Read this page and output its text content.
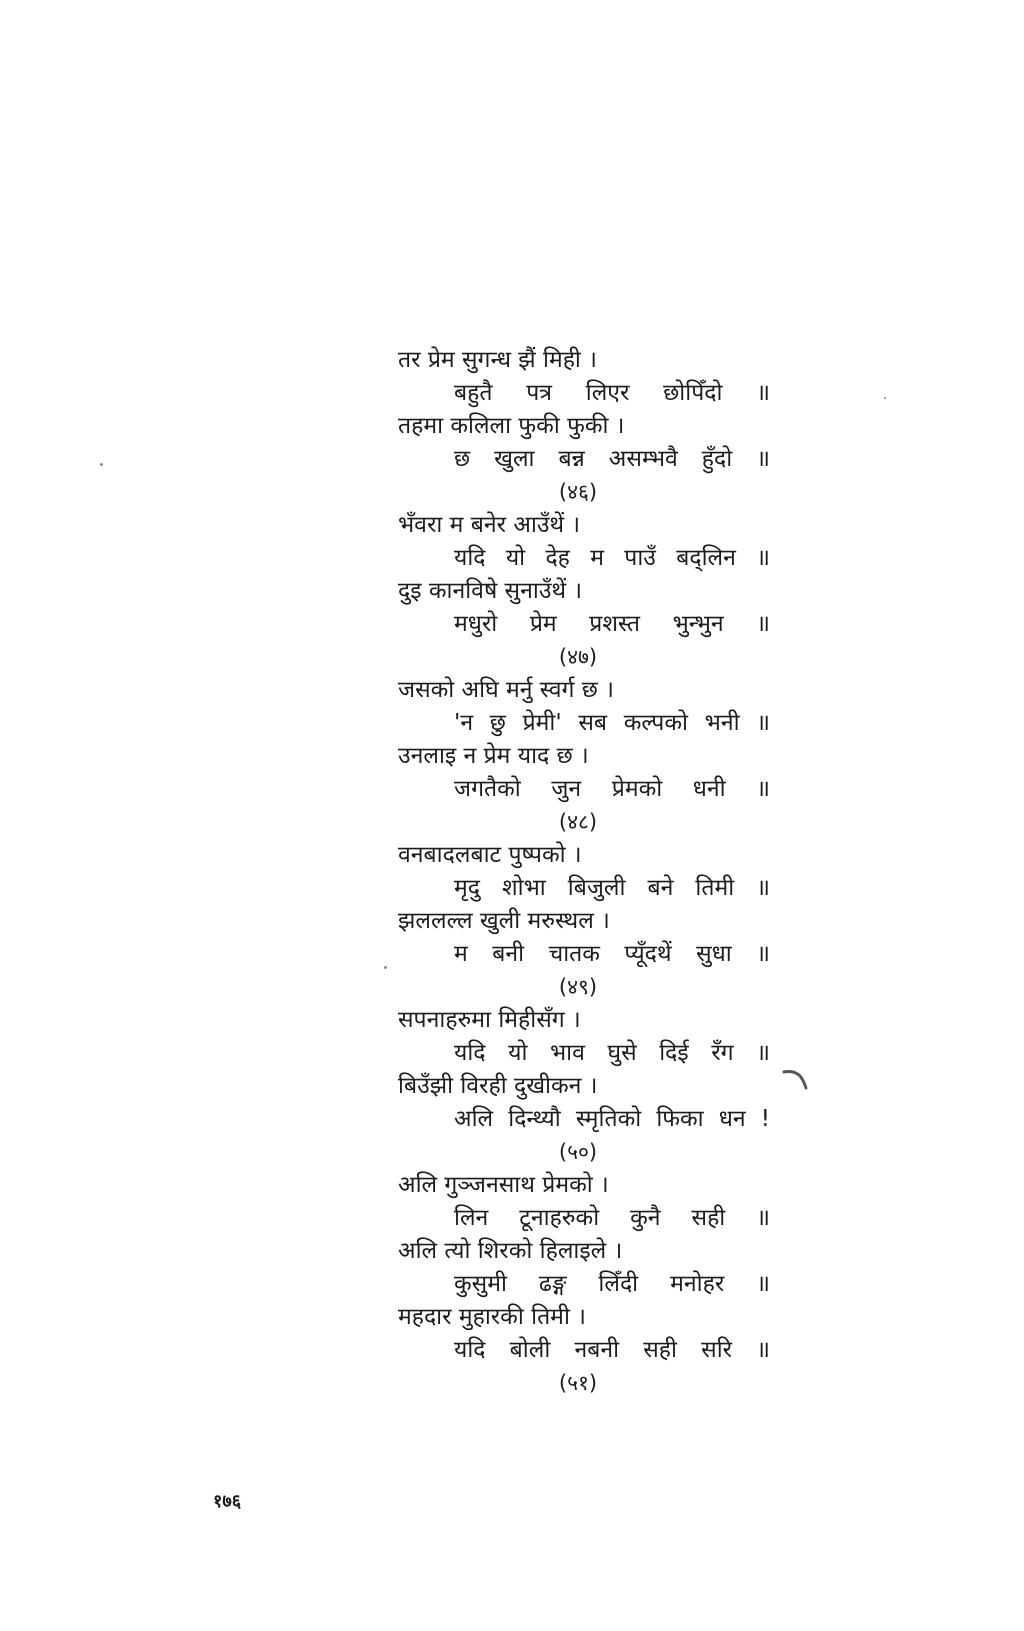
तर प्रेम सुगन्ध झैं मिही ।
बहुतै पत्र लिएर छोपिँदो ॥
तहमा कलिला फुकी फुकी ।
छ खुला बन्न असम्भवै हुँदो ॥
(४६)
भँवरा म बनेर आउँथें ।
यदि यो देह म पाउँ बद्लिन ॥
दुइ कानविषे सुनाउँथें ।
मधुरो प्रेम प्रशस्त भुन्भुन ॥
(४७)
जसको अघि मर्नु स्वर्ग छ ।
'न छु प्रेमी' सब कल्पको भनी ॥
उनलाइ न प्रेम याद छ ।
जगतैको जुन प्रेमको धनी ॥
(४८)
वनबादलबाट पुष्पको ।
मृदु शोभा बिजुली बने तिमी ॥
झललल्ल खुली मरुस्थल ।
म बनी चातक प्यूँदथें सुधा ॥
(४९)
सपनाहरुमा मिहीसँग ।
यदि यो भाव घुसे दिई रँग ॥
बिउँझी विरही दुखीकन ।
अलि दिन्थ्यौ स्मृतिको फिका धन !
(५०)
अलि गुञ्जनसाथ प्रेमको ।
लिन टूनाहरुको कुनै सही ॥
अलि त्यो शिरको हिलाइले ।
कुसुमी ढङ्ग लिँदी मनोहर ॥
महदार मुहारकी तिमी ।
यदि बोली नबनी सही सरि ॥
(५१)
१७६
